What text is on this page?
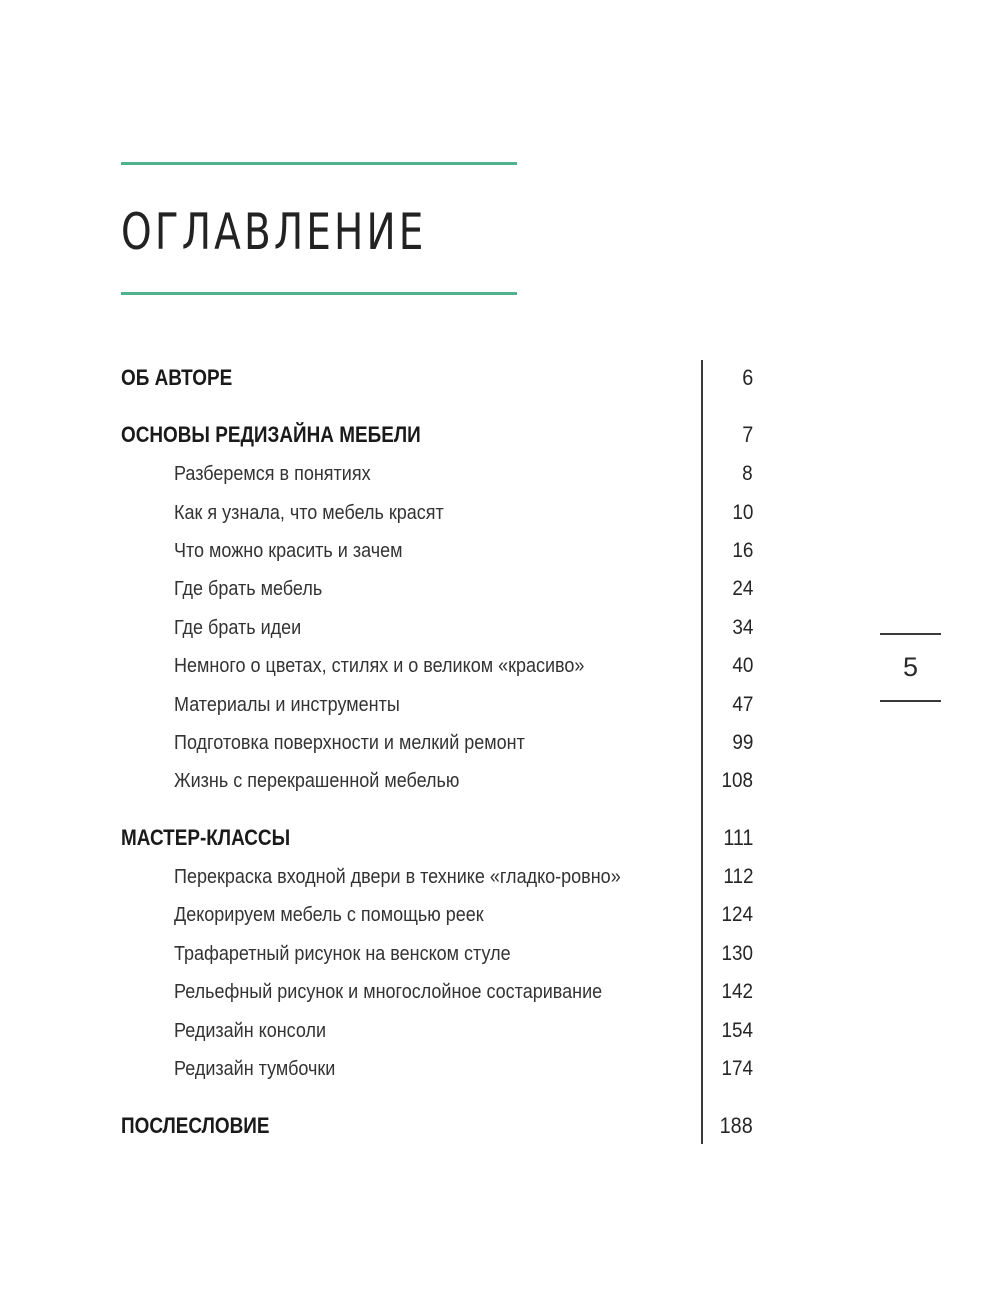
ОГЛАВЛЕНИЕ
ОБ АВТОРЕ	6
ОСНОВЫ РЕДИЗАЙНА МЕБЕЛИ	7
Разберемся в понятиях	8
Как я узнала, что мебель красят	10
Что можно красить и зачем	16
Где брать мебель	24
Где брать идеи	34
Немного о цветах, стилях и о великом «красиво»	40
Материалы и инструменты	47
Подготовка поверхности и мелкий ремонт	99
Жизнь с перекрашенной мебелью	108
МАСТЕР-КЛАССЫ	111
Перекраска входной двери в технике «гладко-ровно»	112
Декорируем мебель с помощью реек	124
Трафаретный рисунок на венском стуле	130
Рельефный рисунок и многослойное состаривание	142
Редизайн консоли	154
Редизайн тумбочки	174
ПОСЛЕСЛОВИЕ	188
5
